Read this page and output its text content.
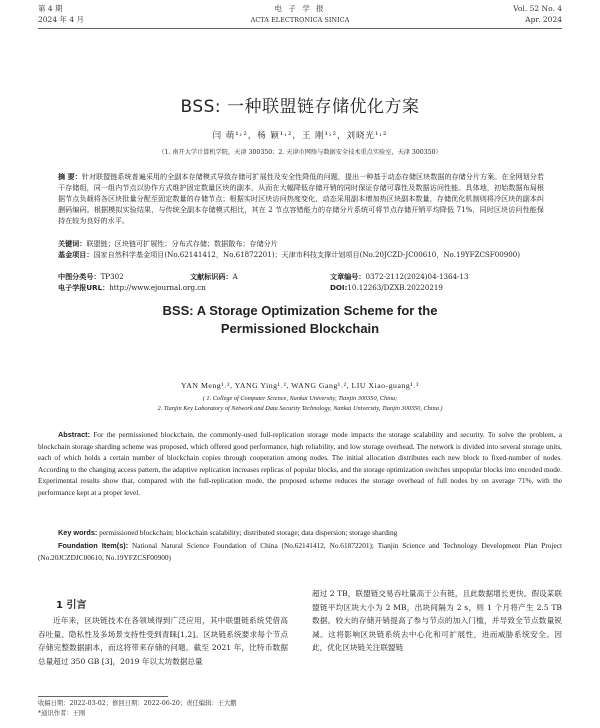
第 4 期
2024 年 4 月
电 子 学 报
ACTA ELECTRONICA SINICA
Vol. 52 No. 4
Apr. 2024
BSS: 一种联盟链存储优化方案
闫 萌¹˒²，杨 颖¹˒²，王 刚¹˒²，刘晓光¹˒²
（1. 南开大学计算机学院，天津 300350；2. 天津市网络与数据安全技术重点实验室，天津 300350）
摘 要：针对联盟链系统普遍采用的全副本存储模式导致存储可扩展性及安全性降低的问题，提出一种基于动态存储区块数据的存储分片方案。在全网划分若干存储组，同一组内节点以协作方式维护固定数量区块的副本，从而在大幅降低存储开销的同时保证存储可靠性及数据访问性能。具体地，初始数据布局根据节点负载将各区块批量分配至固定数量的存储节点；根据实时区块访问热度变化，动态采用副本增加热区块副本数量，存储优化机制则将冷区块的副本纠删码编码。根据模拟实验结果，与传统全副本存储模式相比，其在 2 节点容错能力的存储分片系统可将节点存储开销平均降低 71%，同时区块访问性能保持在较为良好的水平。
关键词：联盟链；区块链可扩展性；分布式存储；数据散布；存储分片
基金项目：国家自然科学基金项目(No.62141412，No.61872201)；天津市科技支撑计划项目(No.20JCZD-JC00610，No.19YFZCSF00900)
中图分类号：TP302	文献标识码：A	文章编号：0372-2112(2024)04-1364-13
电子学报URL：http://www.ejournal.org.cn	DOI:10.12263/DZXB.20220219
BSS: A Storage Optimization Scheme for the
Permissioned Blockchain
YAN Meng¹˒², YANG Ying¹˒², WANG Gang¹˒², LIU Xiao-guang¹˒²
( 1. College of Computer Science, Nankai University, Tianjin 300350, China;
2. Tianjin Key Laboratory of Network and Data Security Technology, Nankai University, Tianjin 300350, China )
Abstract: For the permissioned blockchain, the commonly-used full-replication storage mode impacts the storage scalability and security. To solve the problem, a blockchain storage sharding scheme was proposed, which offered good performance, high reliability, and low storage overhead. The network is divided into several storage units, each of which holds a certain number of blockchain copies through cooperation among nodes. The initial allocation distributes each new block to fixed-number of nodes. According to the changing access pattern, the adaptive replication increases replicas of popular blocks, and the storage optimization switches unpopular blocks into encoded mode. Experimental results show that, compared with the full-replication mode, the proposed scheme reduces the storage overhead of full nodes by on average 71%, with the performance kept at a proper level.
Key words: permissioned blockchain; blockchain scalability; distributed storage; data dispersion; storage sharding
Foundation Item(s): National Natural Science Foundation of China (No.62141412, No.61872201); Tianjin Science and Technology Development Plan Project (No.20JCZDJC00610, No.19YFZCSF00900)
1 引言
近年来，区块链技术在各领域得到广泛应用，其中联盟链系统凭借高吞吐量、隐私性及多场景支持性受到青睐[1,2]。区块链系统要求每个节点存储完整数据副本，而这将带来存储的问题。截至 2021 年，比特币数据总量超过 350 GB [3]，2019 年以太坊数据总量
超过 2 TB，联盟链交易吞吐量高于公有链，且此数据增长更快。假设某联盟链平均区块大小为 2 MB，出块间隔为 2 s，则 1 个月将产生 2.5 TB 数据。较大的存储开销提高了参与节点的加入门槛，并导致全节点数量锐减。这将影响区块链系统去中心化和可扩展性，进而威胁系统安全。因此，优化区块链关注联盟链
收稿日期：2022-03-02；修回日期：2022-06-20；责任编辑：王大鹏
*通讯作者：王刚
